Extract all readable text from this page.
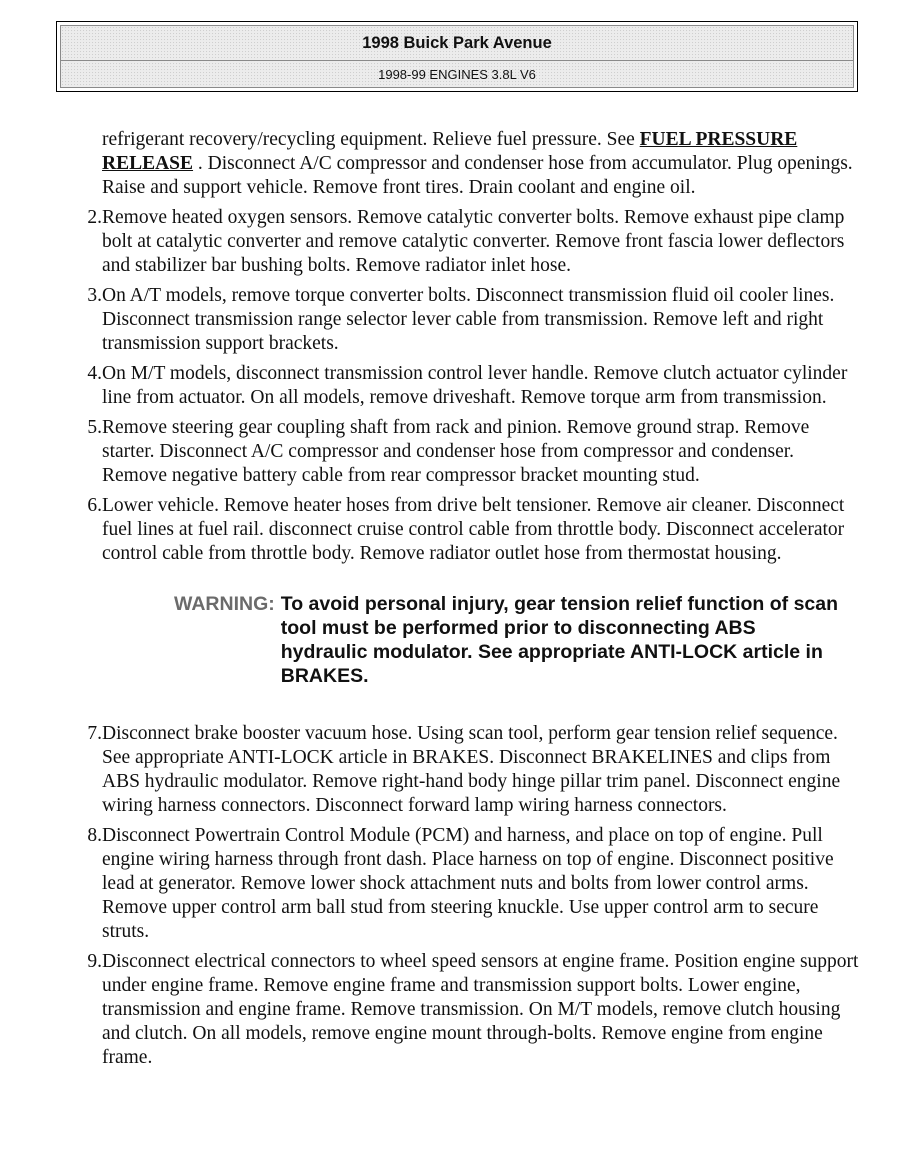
1998 Buick Park Avenue
1998-99 ENGINES 3.8L V6
refrigerant recovery/recycling equipment. Relieve fuel pressure. See FUEL PRESSURE RELEASE . Disconnect A/C compressor and condenser hose from accumulator. Plug openings. Raise and support vehicle. Remove front tires. Drain coolant and engine oil.
2. Remove heated oxygen sensors. Remove catalytic converter bolts. Remove exhaust pipe clamp bolt at catalytic converter and remove catalytic converter. Remove front fascia lower deflectors and stabilizer bar bushing bolts. Remove radiator inlet hose.
3. On A/T models, remove torque converter bolts. Disconnect transmission fluid oil cooler lines. Disconnect transmission range selector lever cable from transmission. Remove left and right transmission support brackets.
4. On M/T models, disconnect transmission control lever handle. Remove clutch actuator cylinder line from actuator. On all models, remove driveshaft. Remove torque arm from transmission.
5. Remove steering gear coupling shaft from rack and pinion. Remove ground strap. Remove starter. Disconnect A/C compressor and condenser hose from compressor and condenser. Remove negative battery cable from rear compressor bracket mounting stud.
6. Lower vehicle. Remove heater hoses from drive belt tensioner. Remove air cleaner. Disconnect fuel lines at fuel rail. disconnect cruise control cable from throttle body. Disconnect accelerator control cable from throttle body. Remove radiator outlet hose from thermostat housing.
WARNING: To avoid personal injury, gear tension relief function of scan tool must be performed prior to disconnecting ABS hydraulic modulator. See appropriate ANTI-LOCK article in BRAKES.
7. Disconnect brake booster vacuum hose. Using scan tool, perform gear tension relief sequence. See appropriate ANTI-LOCK article in BRAKES. Disconnect BRAKELINES and clips from ABS hydraulic modulator. Remove right-hand body hinge pillar trim panel. Disconnect engine wiring harness connectors. Disconnect forward lamp wiring harness connectors.
8. Disconnect Powertrain Control Module (PCM) and harness, and place on top of engine. Pull engine wiring harness through front dash. Place harness on top of engine. Disconnect positive lead at generator. Remove lower shock attachment nuts and bolts from lower control arms. Remove upper control arm ball stud from steering knuckle. Use upper control arm to secure struts.
9. Disconnect electrical connectors to wheel speed sensors at engine frame. Position engine support under engine frame. Remove engine frame and transmission support bolts. Lower engine, transmission and engine frame. Remove transmission. On M/T models, remove clutch housing and clutch. On all models, remove engine mount through-bolts. Remove engine from engine frame.
